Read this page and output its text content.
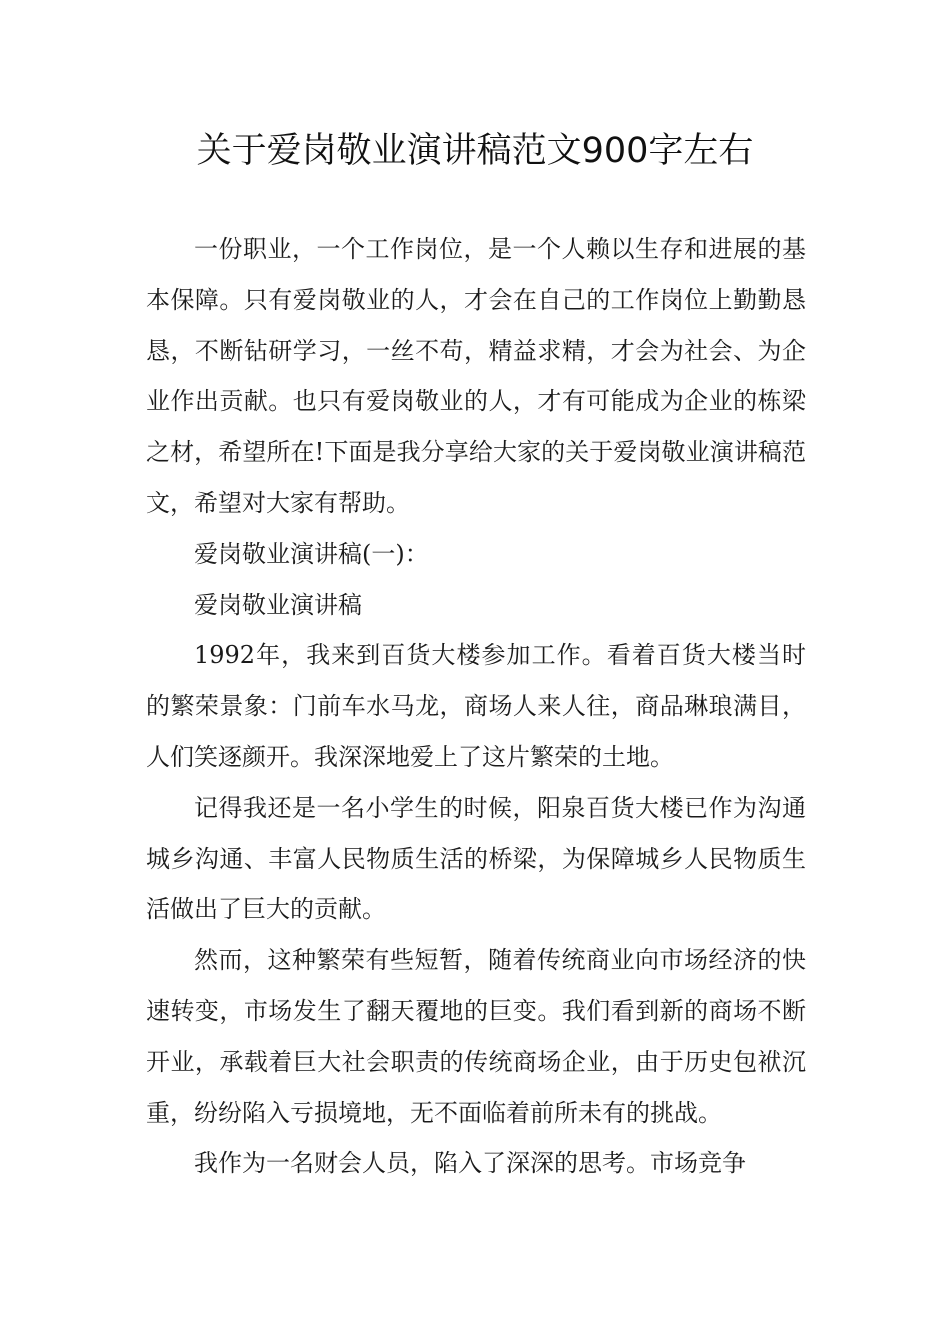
关于爱岗敬业演讲稿范文900字左右

一份职业，一个工作岗位，是一个人赖以生存和进展的基本保障。只有爱岗敬业的人，才会在自己的工作岗位上勤勤恳恳，不断钻研学习，一丝不苟，精益求精，才会为社会、为企业作出贡献。也只有爱岗敬业的人，才有可能成为企业的栋梁之材，希望所在!下面是我分享给大家的关于爱岗敬业演讲稿范文，希望对大家有帮助。

爱岗敬业演讲稿(一)：

爱岗敬业演讲稿

1992年，我来到百货大楼参加工作。看着百货大楼当时的繁荣景象：门前车水马龙，商场人来人往，商品琳琅满目，人们笑逐颜开。我深深地爱上了这片繁荣的土地。

记得我还是一名小学生的时候，阳泉百货大楼已作为沟通城乡沟通、丰富人民物质生活的桥梁，为保障城乡人民物质生活做出了巨大的贡献。

然而，这种繁荣有些短暂，随着传统商业向市场经济的快速转变，市场发生了翻天覆地的巨变。我们看到新的商场不断开业，承载着巨大社会职责的传统商场企业，由于历史包袱沉重，纷纷陷入亏损境地，无不面临着前所未有的挑战。

我作为一名财会人员，陷入了深深的思考。市场竞争
